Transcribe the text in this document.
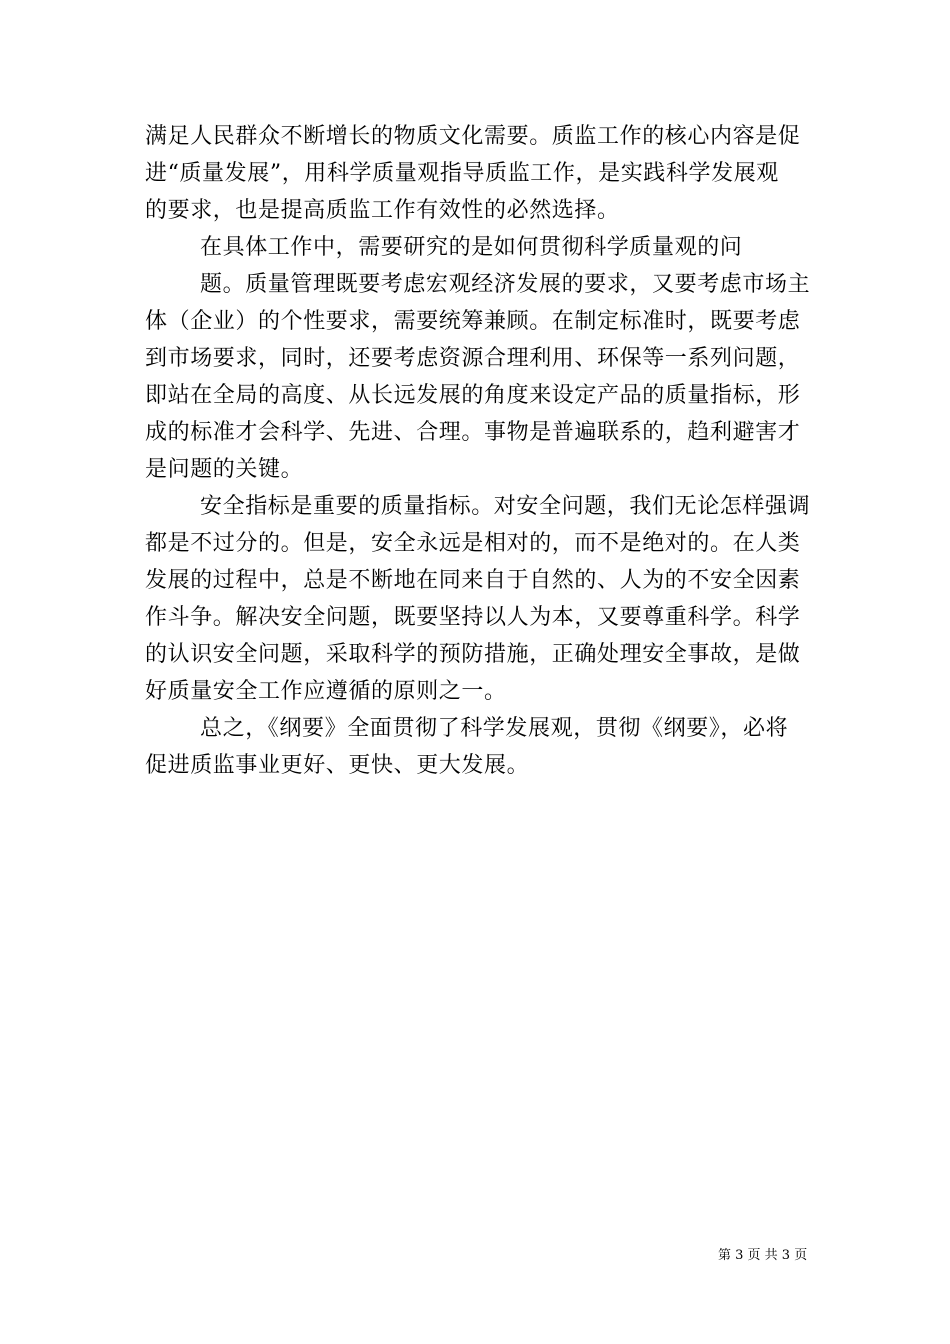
满足人民群众不断增长的物质文化需要。质监工作的核心内容是促
进“质量发展”，用科学质量观指导质监工作，是实践科学发展观
的要求，也是提高质监工作有效性的必然选择。
在具体工作中，需要研究的是如何贯彻科学质量观的问
题。质量管理既要考虑宏观经济发展的要求，又要考虑市场主
体（企业）的个性要求，需要统筹兼顾。在制定标准时，既要考虑
到市场要求，同时，还要考虑资源合理利用、环保等一系列问题，
即站在全局的高度、从长远发展的角度来设定产品的质量指标，形
成的标准才会科学、先进、合理。事物是普遍联系的，趋利避害才
是问题的关键。
安全指标是重要的质量指标。对安全问题，我们无论怎样强调
都是不过分的。但是，安全永远是相对的，而不是绝对的。在人类
发展的过程中，总是不断地在同来自于自然的、人为的不安全因素
作斗争。解决安全问题，既要坚持以人为本，又要尊重科学。科学
的认识安全问题，采取科学的预防措施，正确处理安全事故，是做
好质量安全工作应遵循的原则之一。
总之，《纲要》全面贯彻了科学发展观，贯彻《纲要》，必将
促进质监事业更好、更快、更大发展。
第 3 页 共 3 页
